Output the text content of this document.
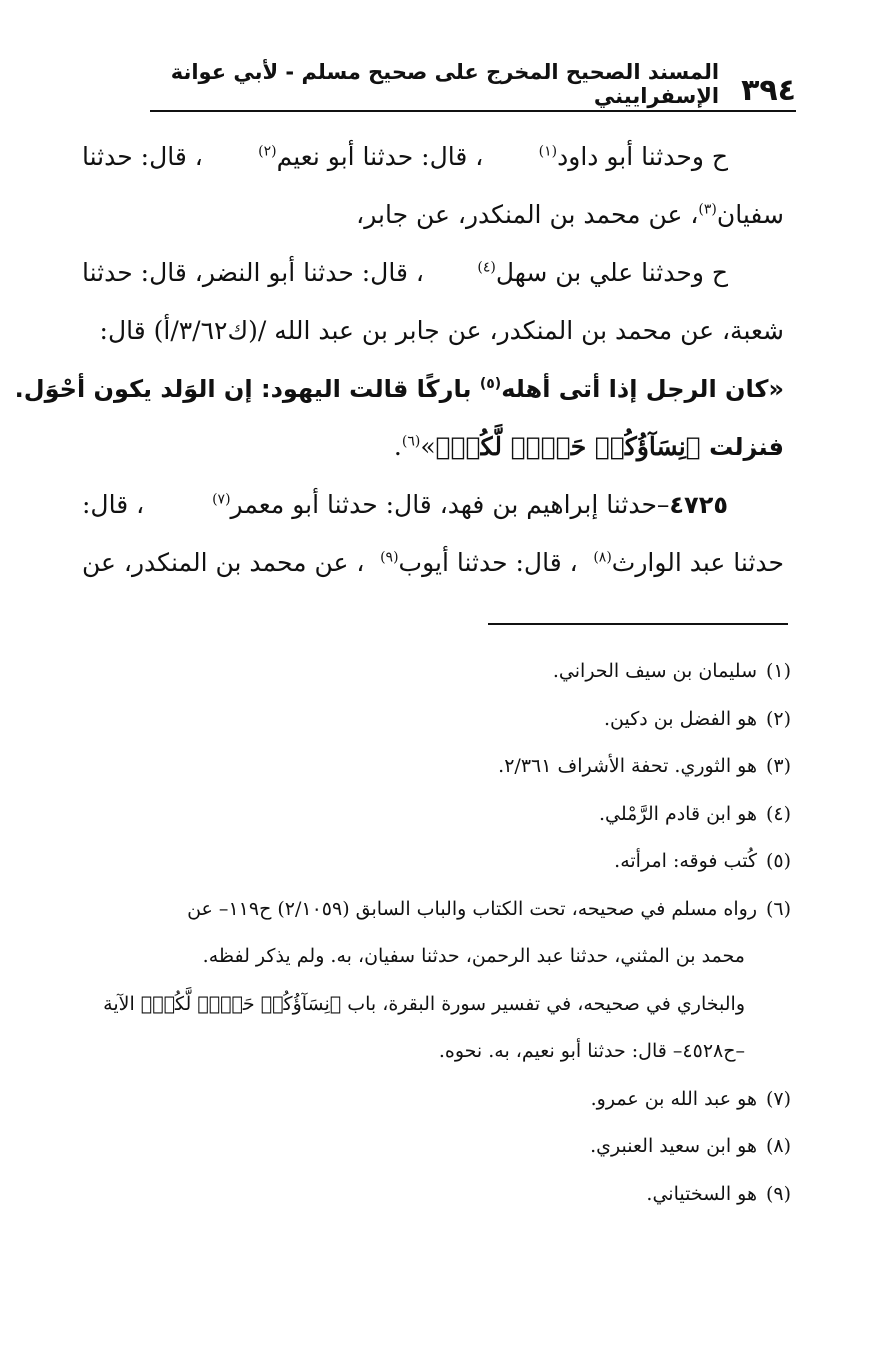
٣٩٤
المسند الصحيح المخرج على صحيح مسلم - لأبي عوانة الإسفراييني
ح وحدثنا أبو داود$^{(١)}$
، قال: حدثنا أبو نعيم$^{(٢)}$
، قال: حدثنا
سفيان$^{(٣)}$، عن محمد بن المنكدر، عن جابر،
ح وحدثنا علي بن سهل$^{(٤)}$
، قال: حدثنا أبو النضر، قال: حدثنا
شعبة، عن محمد بن المنكدر، عن جابر بن عبد الله /(ك٣/٦٢/أ) قال:
«كان الرجل إذا أتى أهله$^{(٥)}$ باركًا قالت اليهود: إن الوَلد يكون أحْوَل.
فنزلت ﴿نِسَآؤُكُمۡ حَرۡثٞ لَّكُمۡ﴾»$^{(٦)}$.
٤٧٢٥–حدثنا إبراهيم بن فهد، قال: حدثنا أبو معمر$^{(٧)}$
، قال:
حدثنا عبد الوارث$^{(٨)}$
، قال: حدثنا أيوب$^{(٩)}$
، عن محمد بن المنكدر، عن
(١)سليمان بن سيف الحراني.
(٢)هو الفضل بن دكين.
(٣)هو الثوري. تحفة الأشراف ٢/٣٦١.
(٤)هو ابن قادم الرَّمْلي.
(٥)كُتب فوقه: امرأته.
(٦)رواه مسلم في صحيحه، تحت الكتاب والباب السابق (٢/١٠٥٩) ح١١٩– عن
محمد بن المثني، حدثنا عبد الرحمن، حدثنا سفيان، به. ولم يذكر لفظه.
والبخاري في صحيحه، في تفسير سورة البقرة، باب ﴿نِسَآؤُكُمۡ حَرۡثٞ لَّكُمۡ﴾ الآية
–ح٤٥٢٨– قال: حدثنا أبو نعيم، به. نحوه.
(٧)هو عبد الله بن عمرو.
(٨)هو ابن سعيد العنبري.
(٩)هو السختياني.
